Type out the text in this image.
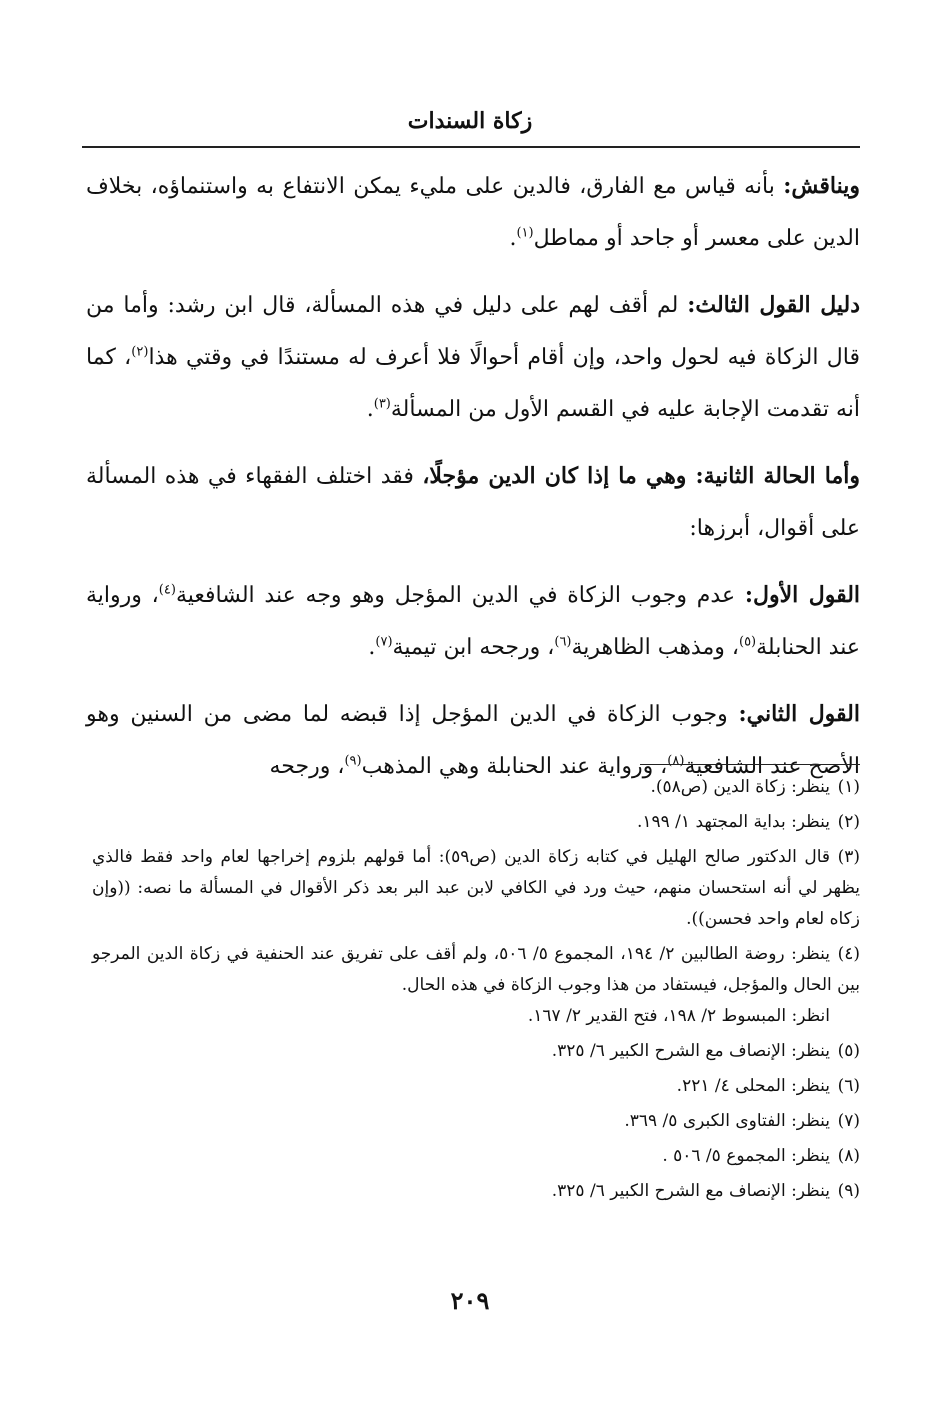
زكاة السندات

ويناقش: بأنه قياس مع الفارق، فالدين على مليء يمكن الانتفاع به واستنماؤه، بخلاف الدين على معسر أو جاحد أو مماطل$^{(١)}$.

دليل القول الثالث: لم أقف لهم على دليل في هذه المسألة، قال ابن رشد: وأما من قال الزكاة فيه لحول واحد، وإن أقام أحوالًا فلا أعرف له مستندًا في وقتي هذا$^{(٢)}$، كما أنه تقدمت الإجابة عليه في القسم الأول من المسألة$^{(٣)}$.

وأما الحالة الثانية: وهي ما إذا كان الدين مؤجلًا، فقد اختلف الفقهاء في هذه المسألة على أقوال، أبرزها:

القول الأول: عدم وجوب الزكاة في الدين المؤجل وهو وجه عند الشافعية$^{(٤)}$، ورواية عند الحنابلة$^{(٥)}$، ومذهب الظاهرية$^{(٦)}$، ورجحه ابن تيمية$^{(٧)}$.

القول الثاني: وجوب الزكاة في الدين المؤجل إذا قبضه لما مضى من السنين وهو الأصح عند الشافعية$^{(٨)}$، ورواية عند الحنابلة وهي المذهب$^{(٩)}$، ورجحه

(١)ينظر: زكاة الدين (ص٥٨).

(٢)ينظر: بداية المجتهد ١/ ١٩٩.

(٣)قال الدكتور صالح الهليل في كتابه زكاة الدين (ص٥٩): أما قولهم بلزوم إخراجها لعام واحد فقط فالذي يظهر لي أنه استحسان منهم، حيث ورد في الكافي لابن عبد البر بعد ذكر الأقوال في المسألة ما نصه: ((وإن زكاه لعام واحد فحسن)).

(٤)ينظر: روضة الطالبين ٢/ ١٩٤، المجموع ٥/ ٥٠٦، ولم أقف على تفريق عند الحنفية في زكاة الدين المرجو بين الحال والمؤجل، فيستفاد من هذا وجوب الزكاة في هذه الحال.
انظر: المبسوط ٢/ ١٩٨، فتح القدير ٢/ ١٦٧.

(٥)ينظر: الإنصاف مع الشرح الكبير ٦/ ٣٢٥.

(٦)ينظر: المحلى ٤/ ٢٢١.

(٧)ينظر: الفتاوى الكبرى ٥/ ٣٦٩.

(٨)ينظر: المجموع ٥/ ٥٠٦ .

(٩)ينظر: الإنصاف مع الشرح الكبير ٦/ ٣٢٥.

٢٠٩
